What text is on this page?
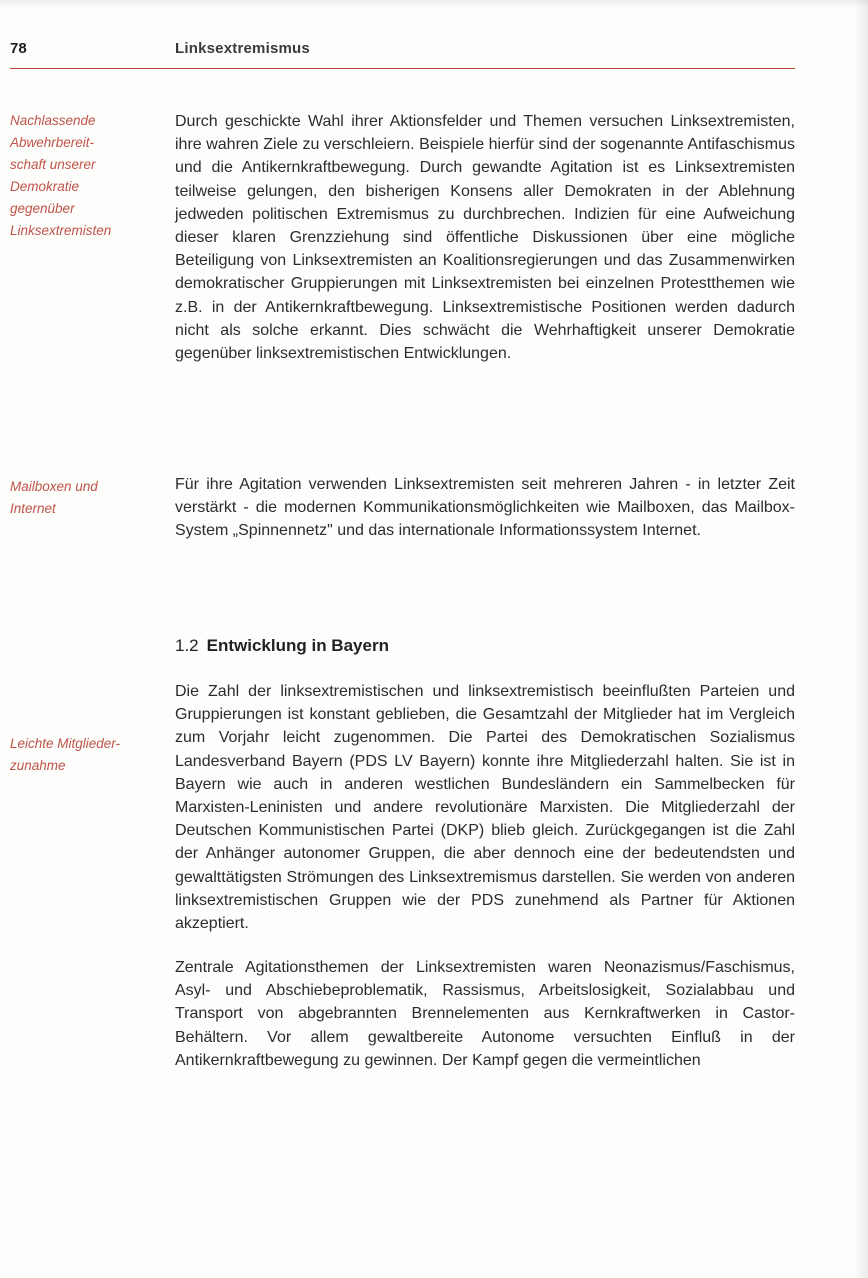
78	Linksextremismus
Nachlassende
Abwehrbereit-
schaft unserer
Demokratie
gegenüber
Linksextremisten

Durch geschickte Wahl ihrer Aktionsfelder und Themen versuchen Linksextremisten, ihre wahren Ziele zu verschleiern. Beispiele hierfür sind der sogenannte Antifaschismus und die Antikernkraftbewegung. Durch gewandte Agitation ist es Linksextremisten teilweise gelungen, den bisherigen Konsens aller Demokraten in der Ablehnung jedweden politischen Extremismus zu durchbrechen. Indizien für eine Aufweichung dieser klaren Grenzziehung sind öffentliche Diskussionen über eine mögliche Beteiligung von Linksextremisten an Koalitionsregierungen und das Zusammenwirken demokratischer Gruppierungen mit Linksextremisten bei einzelnen Protestthemen wie z.B. in der Antikernkraftbewegung. Linksextremistische Positionen werden dadurch nicht als solche erkannt. Dies schwächt die Wehrhaftigkeit unserer Demokratie gegenüber linksextremistischen Entwicklungen.

Mailboxen und
Internet

Für ihre Agitation verwenden Linksextremisten seit mehreren Jahren - in letzter Zeit verstärkt - die modernen Kommunikationsmöglichkeiten wie Mailboxen, das Mailbox-System „Spinnennetz" und das internationale Informationssystem Internet.

1.2 Entwicklung in Bayern
Leichte Mitglieder-
zunahme

Die Zahl der linksextremistischen und linksextremistisch beeinflußten Parteien und Gruppierungen ist konstant geblieben, die Gesamtzahl der Mitglieder hat im Vergleich zum Vorjahr leicht zugenommen. Die Partei des Demokratischen Sozialismus Landesverband Bayern (PDS LV Bayern) konnte ihre Mitgliederzahl halten. Sie ist in Bayern wie auch in anderen westlichen Bundesländern ein Sammelbecken für Marxisten-Leninisten und andere revolutionäre Marxisten. Die Mitgliederzahl der Deutschen Kommunistischen Partei (DKP) blieb gleich. Zurückgegangen ist die Zahl der Anhänger autonomer Gruppen, die aber dennoch eine der bedeutendsten und gewalttätigsten Strömungen des Linksextremismus darstellen. Sie werden von anderen linksextremistischen Gruppen wie der PDS zunehmend als Partner für Aktionen akzeptiert.

Zentrale Agitationsthemen der Linksextremisten waren Neonazismus/Faschismus, Asyl- und Abschiebeproblematik, Rassismus, Arbeitslosigkeit, Sozialabbau und Transport von abgebrannten Brennelementen aus Kernkraftwerken in Castor-Behältern. Vor allem gewaltbereite Autonome versuchten Einfluß in der Antikernkraftbewegung zu gewinnen. Der Kampf gegen die vermeintlichen
